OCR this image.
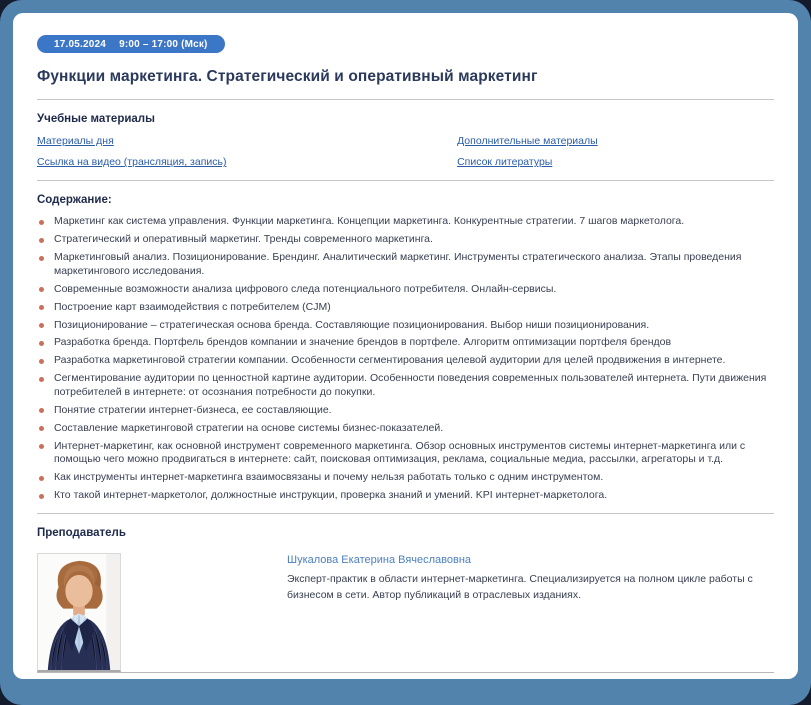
17.05.2024 9:00 – 17:00 (Мск)
Функции маркетинга. Стратегический и оперативный маркетинг
Учебные материалы
Материалы дня	Дополнительные материалы
Ссылка на видео (трансляция, запись)	Список литературы
Содержание:
Маркетинг как система управления. Функции маркетинга. Концепции маркетинга. Конкурентные стратегии. 7 шагов маркетолога.
Стратегический и оперативный маркетинг. Тренды современного маркетинга.
Маркетинговый анализ. Позиционирование. Брендинг. Аналитический маркетинг. Инструменты стратегического анализа. Этапы проведения маркетингового исследования.
Современные возможности анализа цифрового следа потенциального потребителя. Онлайн-сервисы.
Построение карт взаимодействия с потребителем (CJM)
Позиционирование – стратегическая основа бренда. Составляющие позиционирования. Выбор ниши позиционирования.
Разработка бренда. Портфель брендов компании и значение брендов в портфеле. Алгоритм оптимизации портфеля брендов
Разработка маркетинговой стратегии компании. Особенности сегментирования целевой аудитории для целей продвижения в интернете.
Сегментирование аудитории по ценностной картине аудитории. Особенности поведения современных пользователей интернета. Пути движения потребителей в интернете: от осознания потребности до покупки.
Понятие стратегии интернет-бизнеса, ее составляющие.
Составление маркетинговой стратегии на основе системы бизнес-показателей.
Интернет-маркетинг, как основной инструмент современного маркетинга. Обзор основных инструментов системы интернет-маркетинга или с помощью чего можно продвигаться в интернете: сайт, поисковая оптимизация, реклама, социальные медиа, рассылки, агрегаторы и т.д.
Как инструменты интернет-маркетинга взаимосвязаны и почему нельзя работать только с одним инструментом.
Кто такой интернет-маркетолог, должностные инструкции, проверка знаний и умений. KPI интернет-маркетолога.
Преподаватель
Шукалова Екатерина Вячеславовна

Эксперт-практик в области интернет-маркетинга. Специализируется на полном цикле работы с бизнесом в сети. Автор публикаций в отраслевых изданиях.
